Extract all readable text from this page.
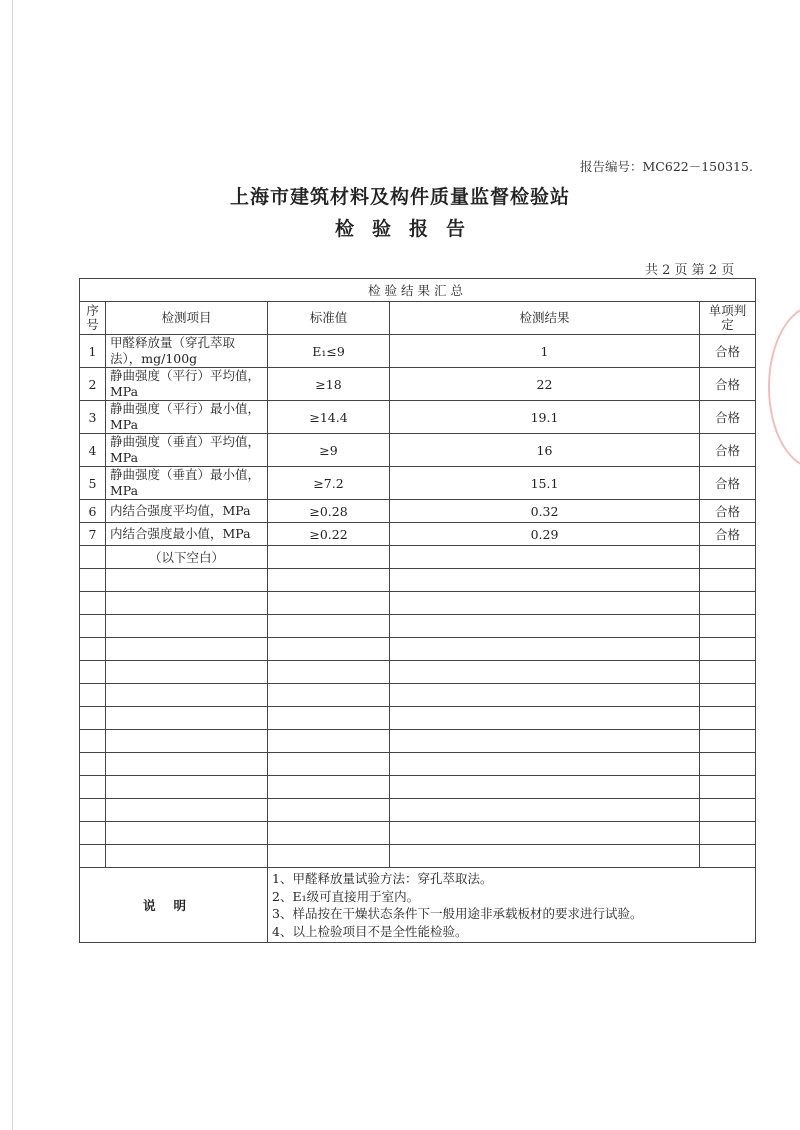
报告编号：MC622－150315.
上海市建筑材料及构件质量监督检验站
检验报告
共 2 页 第 2 页
检验结果汇总				
序号	检测项目	标准值	检测结果	单项判定
1	甲醛释放量（穿孔萃取法），mg/100g	E₁≤9	1	合格
2	静曲强度（平行）平均值，MPa	≥18	22	合格
3	静曲强度（平行）最小值，MPa	≥14.4	19.1	合格
4	静曲强度（垂直）平均值，MPa	≥9	16	合格
5	静曲强度（垂直）最小值，MPa	≥7.2	15.1	合格
6	内结合强度平均值，MPa	≥0.28	0.32	合格
7	内结合强度最小值，MPa	≥0.22	0.29	合格
	（以下空白）			

说明		1、甲醛释放量试验方法：穿孔萃取法。
2、E₁级可直接用于室内。
3、样品按在干燥状态条件下一般用途非承载板材的要求进行试验。
4、以上检验项目不是全性能检验。		
